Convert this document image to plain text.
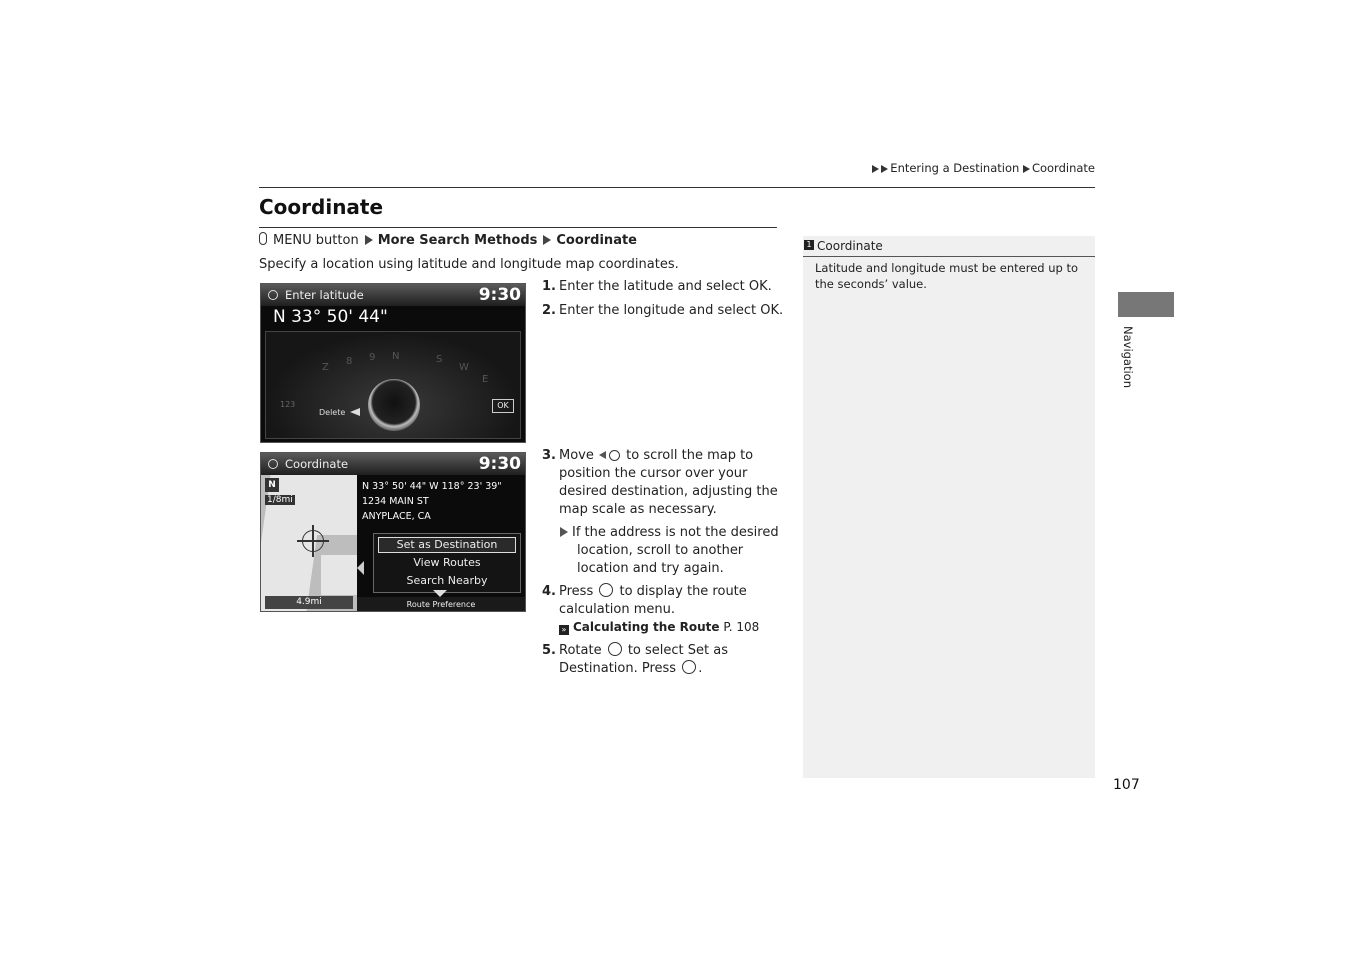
Entering a Destination Coordinate
Coordinate
MENU button More Search Methods Coordinate
Specify a location using latitude and longitude map coordinates.
Enter latitude	9:30
N 33° 50' 44"
Z
8 9 N	S
W
E
123
Delete
OK
Coordinate	9:30
N
1/8mi
4.9mi
N 33° 50' 44" W 118° 23' 39"
1234 MAIN ST
ANYPLACE, CA
Set as Destination
View Routes
Search Nearby
Route Preference
1. Enter the latitude and select OK.
2. Enter the longitude and select OK.
3. Move  to scroll the map to
position the cursor over your
desired destination, adjusting the
map scale as necessary.
If the address is not the desired
location, scroll to another
location and try again.
4. Press  to display the route
calculation menu.
» Calculating the Route P. 108
5. Rotate  to select Set as
Destination. Press .
1 Coordinate
Latitude and longitude must be entered up to
the seconds’ value.
Navigation
107
